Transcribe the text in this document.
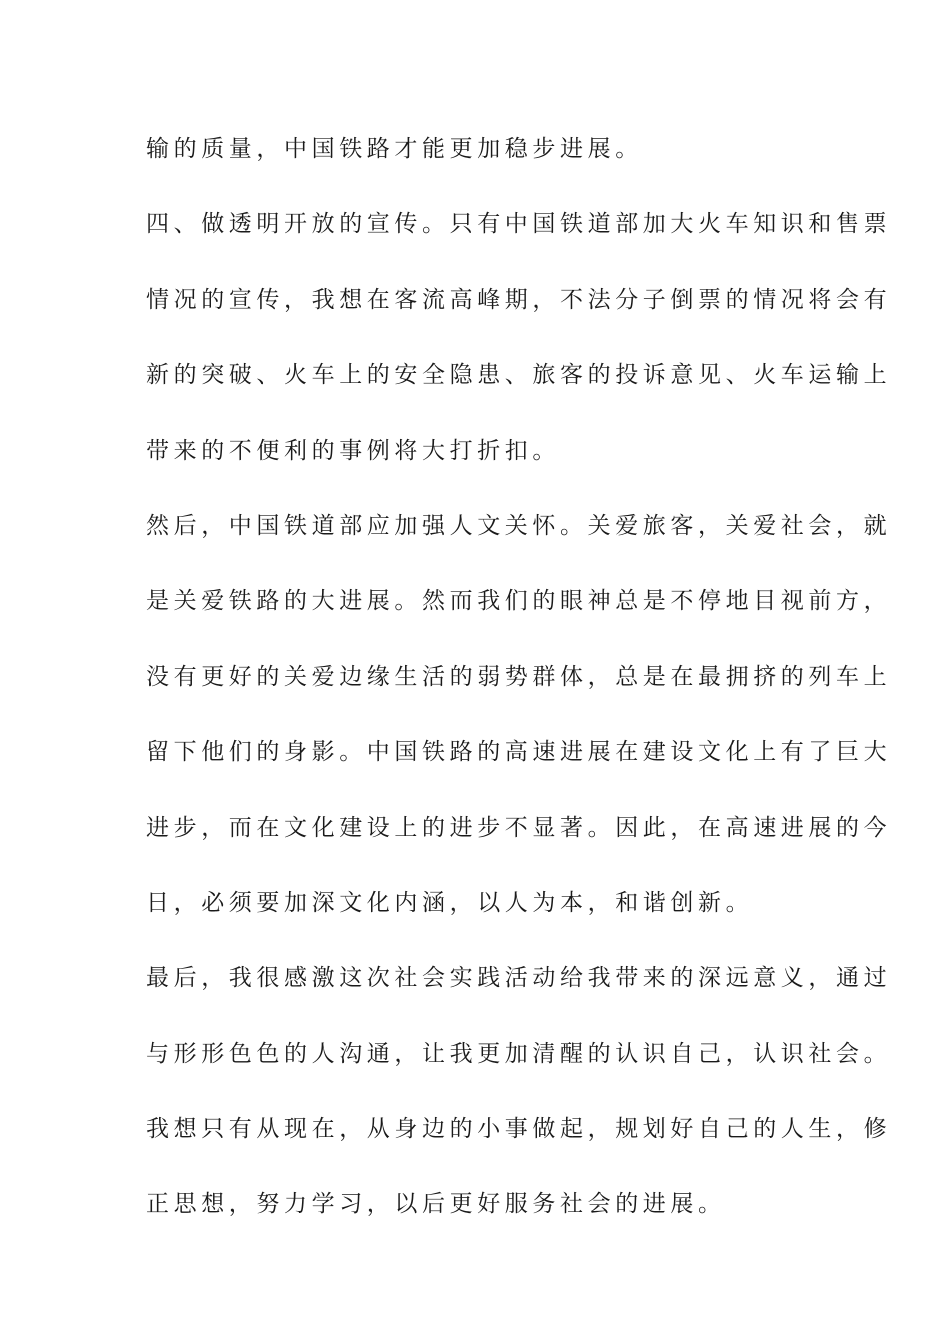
输的质量，中国铁路才能更加稳步进展。
四、做透明开放的宣传。只有中国铁道部加大火车知识和售票
情况的宣传，我想在客流高峰期，不法分子倒票的情况将会有
新的突破、火车上的安全隐患、旅客的投诉意见、火车运输上
带来的不便利的事例将大打折扣。
然后，中国铁道部应加强人文关怀。关爱旅客，关爱社会，就
是关爱铁路的大进展。然而我们的眼神总是不停地目视前方，
没有更好的关爱边缘生活的弱势群体，总是在最拥挤的列车上
留下他们的身影。中国铁路的高速进展在建设文化上有了巨大
进步，而在文化建设上的进步不显著。因此，在高速进展的今
日，必须要加深文化内涵，以人为本，和谐创新。
最后，我很感激这次社会实践活动给我带来的深远意义，通过
与形形色色的人沟通，让我更加清醒的认识自己，认识社会。
我想只有从现在，从身边的小事做起，规划好自己的人生，修
正思想，努力学习，以后更好服务社会的进展。
